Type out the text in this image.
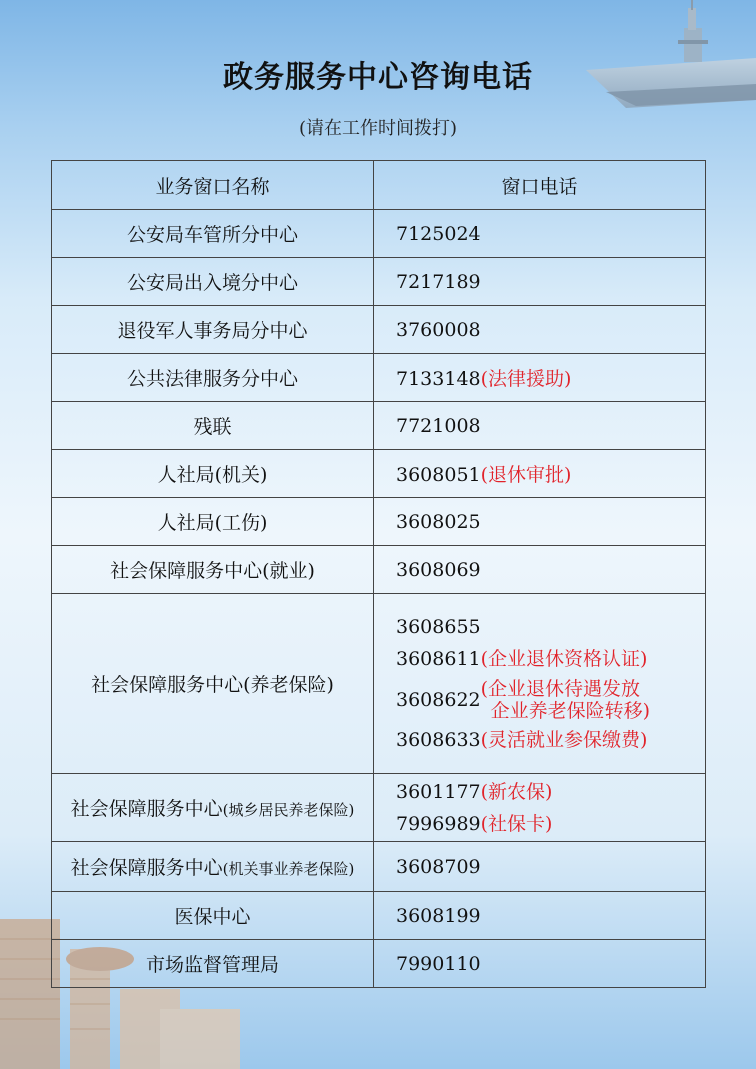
政务服务中心咨询电话
(请在工作时间拨打)
业务窗口名称	窗口电话
公安局车管所分中心	7125024
公安局出入境分中心	7217189
退役军人事务局分中心	3760008
公共法律服务分中心	7133148(法律援助)
残联	7721008
人社局(机关)	3608051(退休审批)
人社局(工伤)	3608025
社会保障服务中心(就业)	3608069
社会保障服务中心(养老保险)	3608655
3608611(企业退休资格认证)
3608622(企业退休待遇发放
企业养老保险转移)
3608633(灵活就业参保缴费)

社会保障服务中心(城乡居民养老保险)	3601177(新农保)
7996989(社保卡)

社会保障服务中心(机关事业养老保险)	3608709
医保中心	3608199
市场监督管理局	7990110
